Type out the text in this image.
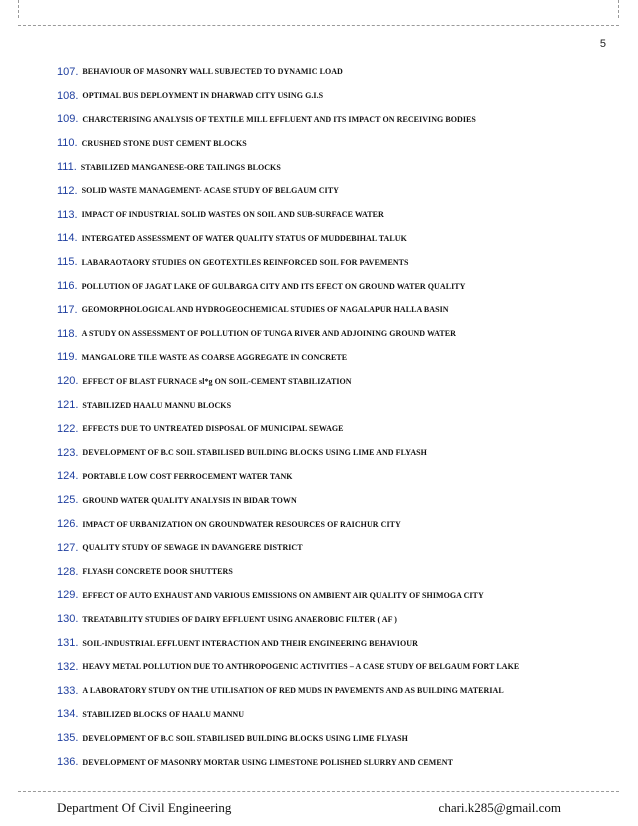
5
107. BEHAVIOUR OF MASONRY WALL SUBJECTED TO DYNAMIC LOAD
108. OPTIMAL BUS DEPLOYMENT IN DHARWAD CITY USING G.I.S
109. CHARCTERISING ANALYSIS OF TEXTILE MILL EFFLUENT AND ITS IMPACT ON RECEIVING BODIES
110. CRUSHED STONE DUST CEMENT BLOCKS
111. STABILIZED MANGANESE-ORE TAILINGS BLOCKS
112. SOLID WASTE MANAGEMENT- ACASE STUDY OF BELGAUM CITY
113. IMPACT OF INDUSTRIAL SOLID WASTES ON SOIL AND SUB-SURFACE WATER
114. INTERGATED ASSESSMENT OF WATER QUALITY STATUS OF MUDDEBIHAL TALUK
115. LABARAOTAORY STUDIES ON GEOTEXTILES REINFORCED SOIL FOR PAVEMENTS
116. POLLUTION OF JAGAT LAKE OF GULBARGA CITY AND ITS EFECT ON GROUND WATER QUALITY
117. GEOMORPHOLOGICAL AND HYDROGEOCHEMICAL STUDIES OF NAGALAPUR HALLA BASIN
118. A STUDY ON ASSESSMENT OF POLLUTION OF TUNGA RIVER AND ADJOINING GROUND WATER
119. MANGALORE TILE WASTE AS COARSE AGGREGATE IN CONCRETE
120. EFFECT OF BLAST FURNACE sl*g ON SOIL-CEMENT STABILIZATION
121. STABILIZED HAALU MANNU BLOCKS
122. EFFECTS DUE TO UNTREATED DISPOSAL OF MUNICIPAL SEWAGE
123. DEVELOPMENT OF B.C SOIL STABILISED BUILDING BLOCKS USING LIME AND FLYASH
124. PORTABLE LOW COST FERROCEMENT WATER TANK
125. GROUND WATER QUALITY ANALYSIS IN BIDAR TOWN
126. IMPACT OF URBANIZATION ON GROUNDWATER RESOURCES OF RAICHUR CITY
127. QUALITY STUDY OF SEWAGE IN DAVANGERE DISTRICT
128. FLYASH CONCRETE DOOR SHUTTERS
129. EFFECT OF AUTO EXHAUST AND VARIOUS EMISSIONS ON AMBIENT AIR QUALITY OF SHIMOGA CITY
130. TREATABILITY STUDIES OF DAIRY EFFLUENT USING ANAEROBIC FILTER ( AF )
131. SOIL-INDUSTRIAL EFFLUENT INTERACTION AND THEIR ENGINEERING BEHAVIOUR
132. HEAVY METAL POLLUTION DUE TO ANTHROPOGENIC ACTIVITIES – A CASE STUDY OF BELGAUM FORT LAKE
133. A LABORATORY STUDY ON THE UTILISATION OF RED MUDS IN PAVEMENTS AND AS BUILDING MATERIAL
134. STABILIZED BLOCKS OF HAALU MANNU
135. DEVELOPMENT OF B.C SOIL STABILISED BUILDING BLOCKS USING LIME FLYASH
136. DEVELOPMENT OF MASONRY MORTAR USING LIMESTONE POLISHED SLURRY AND CEMENT
Department Of Civil Engineering	chari.k285@gmail.com
